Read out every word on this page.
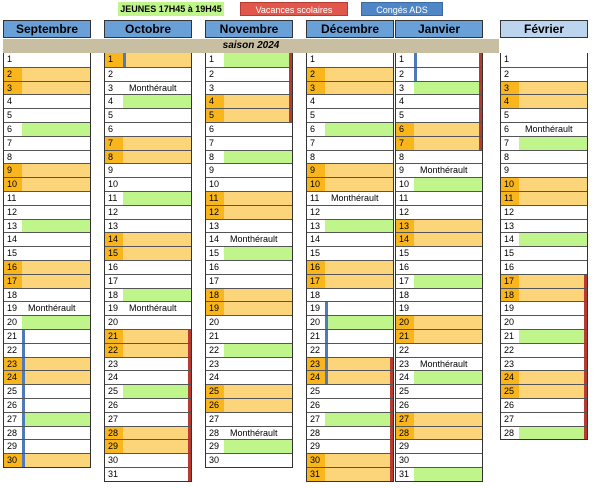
JEUNES 17H45 à 19H45	Vacances scolaires	Congés ADS
Septembre
1
2
3
4
5
6
7
8
9
10
11
12
13
14
15
16
17
18
19	Monthérault
20
21
22
23
24
25
26
27
28
29
30
Octobre
1
2
3	Monthérault
4
5
6
7
8
9
10
11
12
13
14
15
16
17
18
19	Monthérault
20
21
22
23
24
25
26
27
28
29
30
31
Novembre
1
2
3
4
5
6
7
8
9
10
11
12
13
14	Monthérault
15
16
17
18
19
20
21
22
23
24
25
26
27
28	Monthérault
29
30
Décembre
1
2
3
4
5
6
7
8
9
10
11	Monthérault
12
13
14
15
16
17
18
19
20
21
22
23
24
25
26
27
28
29
30
31
Janvier
1
2
3
4
5
6
7
8
9	Monthérault
10
11
12
13
14
15
16
17
18
19
20
21
22
23	Monthérault
24
25
26
27
28
29
30
31
Février
1
2
3
4
5
6	Monthérault
7
8
9
10
11
12
13
14
15
16
17
18
19
20
21
22
23
24
25
26
27
28
saison 2024
